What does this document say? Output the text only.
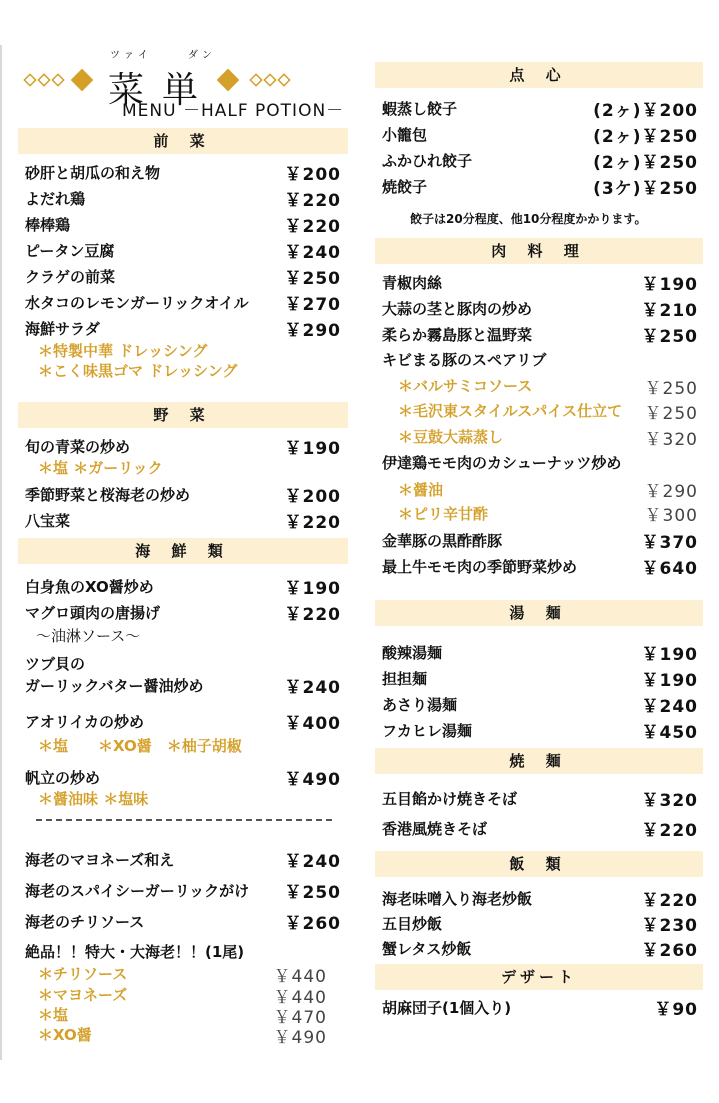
ツァイ	ダン
菜単
MENU －HALF POTION－
前 菜
砂肝と胡瓜の和え物	￥200
よだれ鶏	￥220
棒棒鶏	￥220
ピータン豆腐	￥240
クラゲの前菜	￥250
水タコのレモンガーリックオイル ￥270
海鮮サラダ	￥290
＊特製中華 ドレッシング
＊こく味黒ゴマ ドレッシング
野 菜
旬の青菜の炒め	￥190
＊塩 ＊ガーリック
季節野菜と桜海老の炒め	￥200
八宝菜	￥220
海 鮮 類
白身魚のXO醤炒め	￥190
マグロ頭肉の唐揚げ	￥220
～油淋ソース～
ツブ貝の
ガーリックバター醤油炒め	￥240
アオリイカの炒め	￥400
＊塩　　＊XO醤　＊柚子胡椒
帆立の炒め	￥490
＊醤油味 ＊塩味
海老のマヨネーズ和え	￥240
海老のスパイシーガーリックがけ ￥250
海老のチリソース	￥260
絶品！！特大・大海老！！(1尾)
＊チリソース	￥440
＊マヨネーズ	￥440
＊塩	￥470
＊XO醤	￥490
点 心
蝦蒸し餃子	(2ヶ)￥200
小籠包	(2ヶ)￥250
ふかひれ餃子	(2ヶ)￥250
焼餃子	(3ケ)￥250
餃子は20分程度、他10分程度かかります。
肉 料 理
青椒肉絲	￥190
大蒜の茎と豚肉の炒め	￥210
柔らか霧島豚と温野菜	￥250
キビまる豚のスペアリブ
＊バルサミコソース	￥250
＊毛沢東スタイルスパイス仕立て ￥250
＊豆鼓大蒜蒸し	￥320
伊達鶏モモ肉のカシューナッツ炒め
＊醤油	￥290
＊ピリ辛甘酢	￥300
金華豚の黒酢酢豚	￥370
最上牛モモ肉の季節野菜炒め	￥640
湯 麺
酸辣湯麺	￥190
担担麺	￥190
あさり湯麺	￥240
フカヒレ湯麺	￥450
焼 麺
五目餡かけ焼きそば	￥320
香港風焼きそば	￥220
飯 類
海老味噌入り海老炒飯	￥220
五目炒飯	￥230
蟹レタス炒飯	￥260
デザート
胡麻団子(1個入り)	￥90
